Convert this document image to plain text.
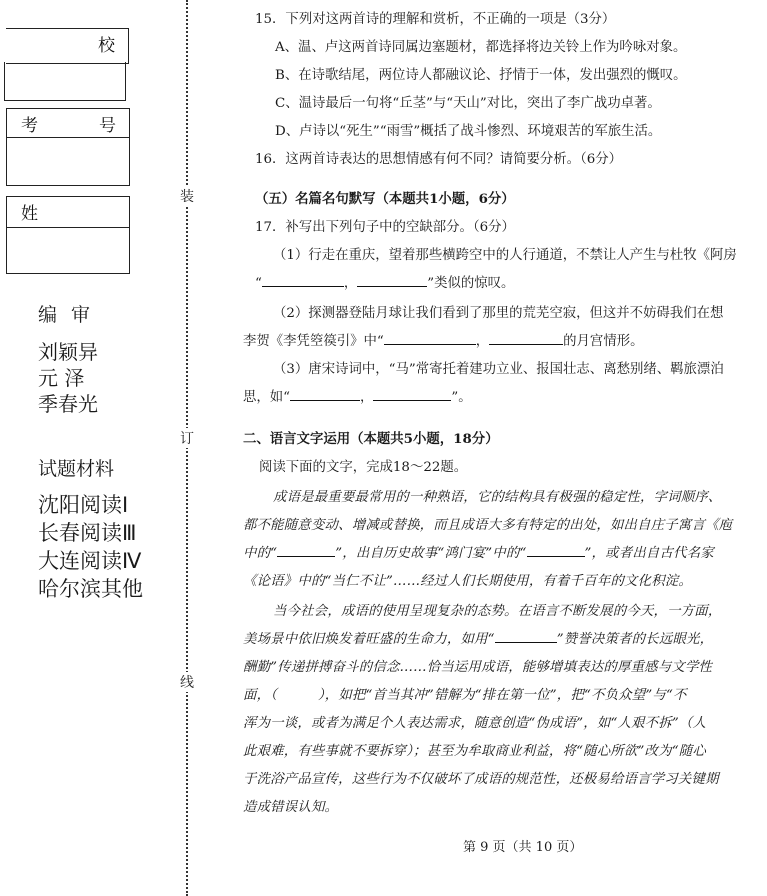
校
考	号
姓
编审
刘颖异
元 泽
季春光
试题材料
沈阳阅读Ⅰ
长春阅读Ⅲ
大连阅读Ⅳ
哈尔滨其他
装
订
线
15．下列对这两首诗的理解和赏析，不正确的一项是（3分）
A、温、卢这两首诗同属边塞题材，都选择将边关铃上作为吟咏对象。
B、在诗歌结尾，两位诗人都融议论、抒情于一体，发出强烈的慨叹。
C、温诗最后一句将“丘茎”与“天山”对比，突出了李广战功卓著。
D、卢诗以“死生”“雨雪”概括了战斗惨烈、环境艰苦的军旅生活。
16．这两首诗表达的思想情感有何不同？请简要分析。（6分）
（五）名篇名句默写（本题共1小题，6分）
17．补写出下列句子中的空缺部分。（6分）
（1）行走在重庆，望着那些横跨空中的人行通道，不禁让人产生与杜牧《阿房
“	，	”类似的惊叹。
（2）探测器登陆月球让我们看到了那里的荒芜空寂，但这并不妨碍我们在想
李贺《李凭箜篌引》中“	，	的月宫情形。
（3）唐宋诗词中，“马”常寄托着建功立业、报国壮志、离愁别绪、羁旅漂泊
思，如“	，	”。
二、语言文字运用（本题共5小题，18分）
阅读下面的文字，完成18～22题。
成语是最重要最常用的一种熟语，它的结构具有极强的稳定性，字词顺序、
都不能随意变动、增减或替换，而且成语大多有特定的出处，如出自庄子寓言《庖
中的“	”，出自历史故事“鸿门宴”中的“	”，或者出自古代名家
《论语》中的“当仁不让”……经过人们长期使用，有着千百年的文化积淀。
当今社会，成语的使用呈现复杂的态势。在语言不断发展的今天，一方面，
美场景中依旧焕发着旺盛的生命力，如用“	”赞誉决策者的长远眼光，
酬勤”传递拼搏奋斗的信念……恰当运用成语，能够增填表达的厚重感与文学性
面，（　　　），如把“首当其冲”错解为“排在第一位”，把“不负众望”与“不
浑为一谈，或者为满足个人表达需求，随意创造“伪成语”，如“人艰不拆”（人
此艰难，有些事就不要拆穿）；甚至为牟取商业利益，将“随心所欲”改为“随心
于洗浴产品宣传，这些行为不仅破坏了成语的规范性，还极易给语言学习关键期
造成错误认知。
第 9 页（共 10 页）
